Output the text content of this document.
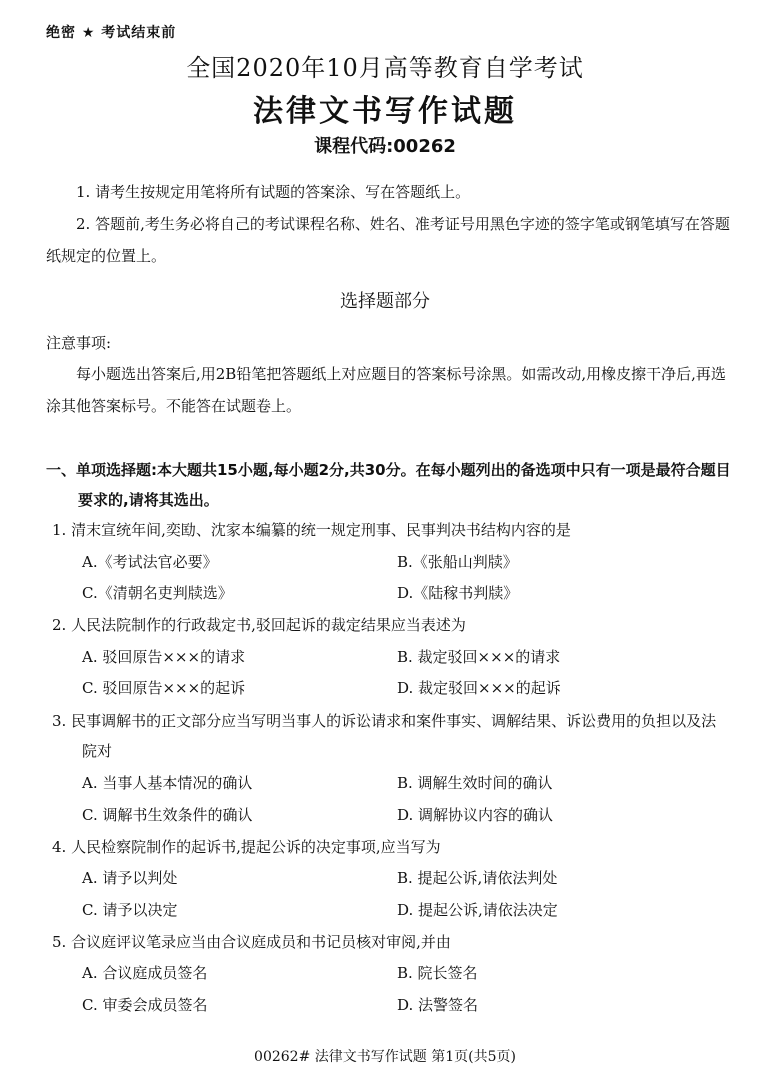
绝密 ★ 考试结束前
全国2020年10月高等教育自学考试
法律文书写作试题
课程代码:00262
1. 请考生按规定用笔将所有试题的答案涂、写在答题纸上。
2. 答题前,考生务必将自己的考试课程名称、姓名、准考证号用黑色字迹的签字笔或钢笔填写在答题纸规定的位置上。
选择题部分
注意事项:
每小题选出答案后,用2B铅笔把答题纸上对应题目的答案标号涂黑。如需改动,用橡皮擦干净后,再选涂其他答案标号。不能答在试题卷上。
一、单项选择题:本大题共15小题,每小题2分,共30分。在每小题列出的备选项中只有一项是最符合题目要求的,请将其选出。
1. 清末宣统年间,奕劻、沈家本编纂的统一规定刑事、民事判决书结构内容的是
A.《考试法官必要》	B.《张船山判牍》
C.《清朝名吏判牍选》	D.《陆稼书判牍》
2. 人民法院制作的行政裁定书,驳回起诉的裁定结果应当表述为
A. 驳回原告×××的请求	B. 裁定驳回×××的请求
C. 驳回原告×××的起诉	D. 裁定驳回×××的起诉
3. 民事调解书的正文部分应当写明当事人的诉讼请求和案件事实、调解结果、诉讼费用的负担以及法院对
A. 当事人基本情况的确认	B. 调解生效时间的确认
C. 调解书生效条件的确认	D. 调解协议内容的确认
4. 人民检察院制作的起诉书,提起公诉的决定事项,应当写为
A. 请予以判处	B. 提起公诉,请依法判处
C. 请予以决定	D. 提起公诉,请依法决定
5. 合议庭评议笔录应当由合议庭成员和书记员核对审阅,并由
A. 合议庭成员签名	B. 院长签名
C. 审委会成员签名	D. 法警签名
00262# 法律文书写作试题 第1页(共5页)
